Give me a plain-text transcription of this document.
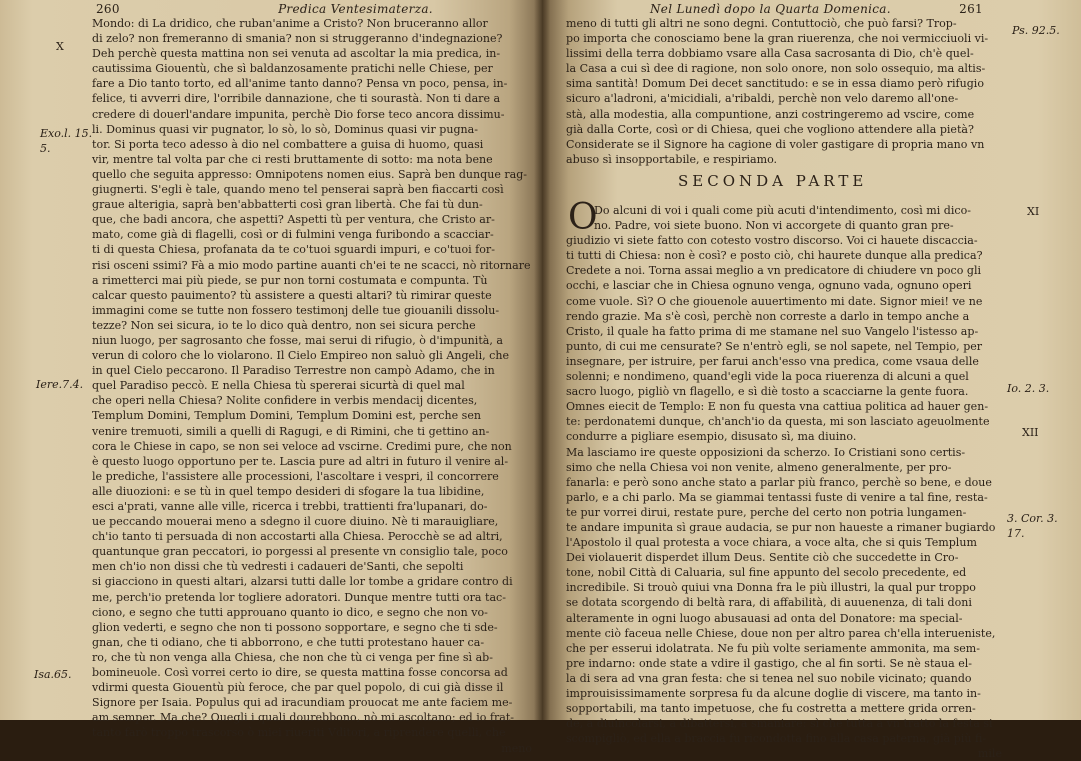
260	Predica Ventesimaterza.
X
Exo.l. 15.
5.
Iere.7.4.
Isa.65.
Mondo: di La dridico, che ruban'anime a Cristo? Non bruceranno allor
di zelo? non fremeranno di smania? non si struggeranno d'indegnazione?
Deh perchè questa mattina non sei venuta ad ascoltar la mia predica, in-
cautissima Giouentù, che sì baldanzosamente pratichi nelle Chiese, per
fare a Dio tanto torto, ed all'anime tanto danno? Pensa vn poco, pensa, in-
felice, ti avverri dire, l'orribile dannazione, che ti sourastà. Non ti dare a
credere di douerl'andare impunita, perchè Dio forse teco ancora dissimu-
li. Dominus quasi vir pugnator, lo sò, lo sò, Dominus quasi vir pugna-
tor. Si porta teco adesso à dio nel combattere a guisa di huomo, quasi
vir, mentre tal volta par che ci resti bruttamente di sotto: ma nota bene
quello che seguita appresso: Omnipotens nomen eius. Saprà ben dunque rag-
giugnerti. S'egli è tale, quando meno tel penserai saprà ben fiaccarti così
graue alterigia, saprà ben'abbatterti così gran libertà. Che fai tù dun-
que, che badi ancora, che aspetti? Aspetti tù per ventura, che Cristo ar-
mato, come già di flagelli, così or di fulmini venga furibondo a scacciar-
ti di questa Chiesa, profanata da te co'tuoi sguardi impuri, e co'tuoi for-
risi osceni ssimi? Fà a mio modo partine auanti ch'ei te ne scacci, nò ritornare
a rimetterci mai più piede, se pur non torni costumata e compunta. Tù
calcar questo pauimento? tù assistere a questi altari? tù rimirar queste
immagini come se tutte non fossero testimonj delle tue giouanili dissolu-
tezze? Non sei sicura, io te lo dico quà dentro, non sei sicura perche
niun luogo, per sagrosanto che fosse, mai serui di rifugio, ò d'impunità, a
verun di coloro che lo violarono. Il Cielo Empireo non saluò gli Angeli, che
in quel Cielo peccarono. Il Paradiso Terrestre non campò Adamo, che in
quel Paradiso peccò. E nella Chiesa tù spererai sicurtà di quel mal
che operi nella Chiesa? Nolite confidere in verbis mendacij dicentes,
Templum Domini, Templum Domini, Templum Domini est, perche sen
venire tremuoti, simili a quelli di Ragugi, e di Rimini, che ti gettino an-
cora le Chiese in capo, se non sei veloce ad vscirne. Credimi pure, che non
è questo luogo opportuno per te. Lascia pure ad altri in futuro il venire al-
le prediche, l'assistere alle processioni, l'ascoltare i vespri, il concorrere
alle diuozioni: e se tù in quel tempo desideri di sfogare la tua libidine,
esci a'prati, vanne alle ville, ricerca i trebbi, trattienti fra'lupanari, do-
ue peccando mouerai meno a sdegno il cuore diuino. Nè ti marauigliare,
ch'io tanto ti persuada di non accostarti alla Chiesa. Perocchè se ad altri,
quantunque gran peccatori, io porgessi al presente vn consiglio tale, poco
men ch'io non dissi che tù vedresti i cadaueri de'Santi, che sepolti
si giacciono in questi altari, alzarsi tutti dalle lor tombe a gridare contro di
me, perch'io pretenda lor togliere adoratori. Dunque mentre tutti ora tac-
ciono, e segno che tutti approuano quanto io dico, e segno che non vo-
glion vederti, e segno che non ti possono sopportare, e segno che ti sde-
gnan, che ti odiano, che ti abborrono, e che tutti protestano hauer ca-
ro, che tù non venga alla Chiesa, che non che tù ci venga per fine sì ab-
bomineuole. Così vorrei certo io dire, se questa mattina fosse concorsa ad
vdirmi questa Giouentù più feroce, che par quel popolo, di cui già disse il
Signore per Isaia. Populus qui ad iracundiam prouocat me ante faciem me-
am semper. Ma che? Quegli i quali dourebbono, nò mi ascoltano; ed io frat-
tanto farò troppo trascorso ò miei riueriti Vditori, a riprendere quelli, che
meno
Nel Lunedì dopo la Quarta Domenica.	261
Ps. 92.5.
XI
Io. 2. 3.
XII
3. Cor. 3.
17.
meno di tutti gli altri ne sono degni. Contuttociò, che può farsi? Trop-
po importa che conosciamo bene la gran riuerenza, che noi vermicciuoli vi-
lissimi della terra dobbiamo vsare alla Casa sacrosanta di Dio, ch'è quel-
la Casa a cui sì dee di ragione, non solo onore, non solo ossequio, ma altis-
sima santità! Domum Dei decet sanctitudo: e se in essa diamo però rifugio
sicuro a'ladroni, a'micidiali, a'ribaldi, perchè non velo daremo all'one-
stà, alla modestia, alla compuntione, anzi costringeremo ad vscire, come
già dalla Corte, così or di Chiesa, quei che vogliono attendere alla pietà?
Considerate se il Signore ha cagione di voler gastigare di propria mano vn
abuso sì insopportabile, e respiriamo.
SECONDA PARTE
O
Do alcuni di voi i quali come più acuti d'intendimento, così mi dico-
no. Padre, voi siete buono. Non vi accorgete di quanto gran pre-
giudizio vi siete fatto con cotesto vostro discorso. Voi ci hauete discaccia-
ti tutti di Chiesa: non è così? e posto ciò, chi haurete dunque alla predica?
Credete a noi. Torna assai meglio a vn predicatore di chiudere vn poco gli
occhi, e lasciar che in Chiesa ognuno venga, ognuno vada, ognuno operi
come vuole. Sì? O che giouenole auuertimento mi date. Signor miei! ve ne
rendo grazie. Ma s'è così, perchè non correste a darlo in tempo anche a
Cristo, il quale ha fatto prima di me stamane nel suo Vangelo l'istesso ap-
punto, di cui me censurate? Se n'entrò egli, se nol sapete, nel Tempio, per
insegnare, per istruire, per farui anch'esso vna predica, come vsaua delle
solenni; e nondimeno, quand'egli vide la poca riuerenza di alcuni a quel
sacro luogo, pigliò vn flagello, e sì diè tosto a scacciarne la gente fuora.
Omnes eiecit de Templo: E non fu questa vna cattiua politica ad hauer gen-
te: perdonatemi dunque, ch'anch'io da questa, mi son lasciato ageuolmente
condurre a pigliare esempio, disusato sì, ma diuino.
Ma lasciamo ire queste opposizioni da scherzo. Io Cristiani sono certis-
simo che nella Chiesa voi non venite, almeno generalmente, per pro-
fanarla: e però sono anche stato a parlar più franco, perchè so bene, e doue
parlo, e a chi parlo. Ma se giammai tentassi fuste di venire a tal fine, resta-
te pur vorrei dirui, restate pure, perche del certo non potria lungamen-
te andare impunita sì graue audacia, se pur non haueste a rimaner bugiardo
l'Apostolo il qual protesta a voce chiara, a voce alta, che si quis Templum
Dei violauerit disperdet illum Deus. Sentite ciò che succedette in Cro-
tone, nobil Città di Caluaria, sul fine appunto del secolo precedente, ed
incredibile. Si trouò quiui vna Donna fra le più illustri, la qual pur troppo
se dotata scorgendo di beltà rara, di affabilità, di auuenenza, di tali doni
alteramente in ogni luogo abusauasi ad onta del Donatore: ma special-
mente ciò faceua nelle Chiese, doue non per altro parea ch'ella interueniste,
che per esserui idolatrata. Ne fu più volte seriamente ammonita, ma sem-
pre indarno: onde state a vdire il gastigo, che al fin sorti. Se nè staua el-
la di sera ad vna gran festa: che si tenea nel suo nobile vicinato; quando
improuisissimamente sorpresa fu da alcune doglie di viscere, ma tanto in-
sopportabili, ma tanto impetuose, che fu costretta a mettere grida orren-
de, a diuincolarsi, a dibattersi, a smaniare: sì che tutta a vn tratto la festa si
scompigliò, ed ella a braccia fu ricondotta fino alla casa paterna, già più fi-
mile
